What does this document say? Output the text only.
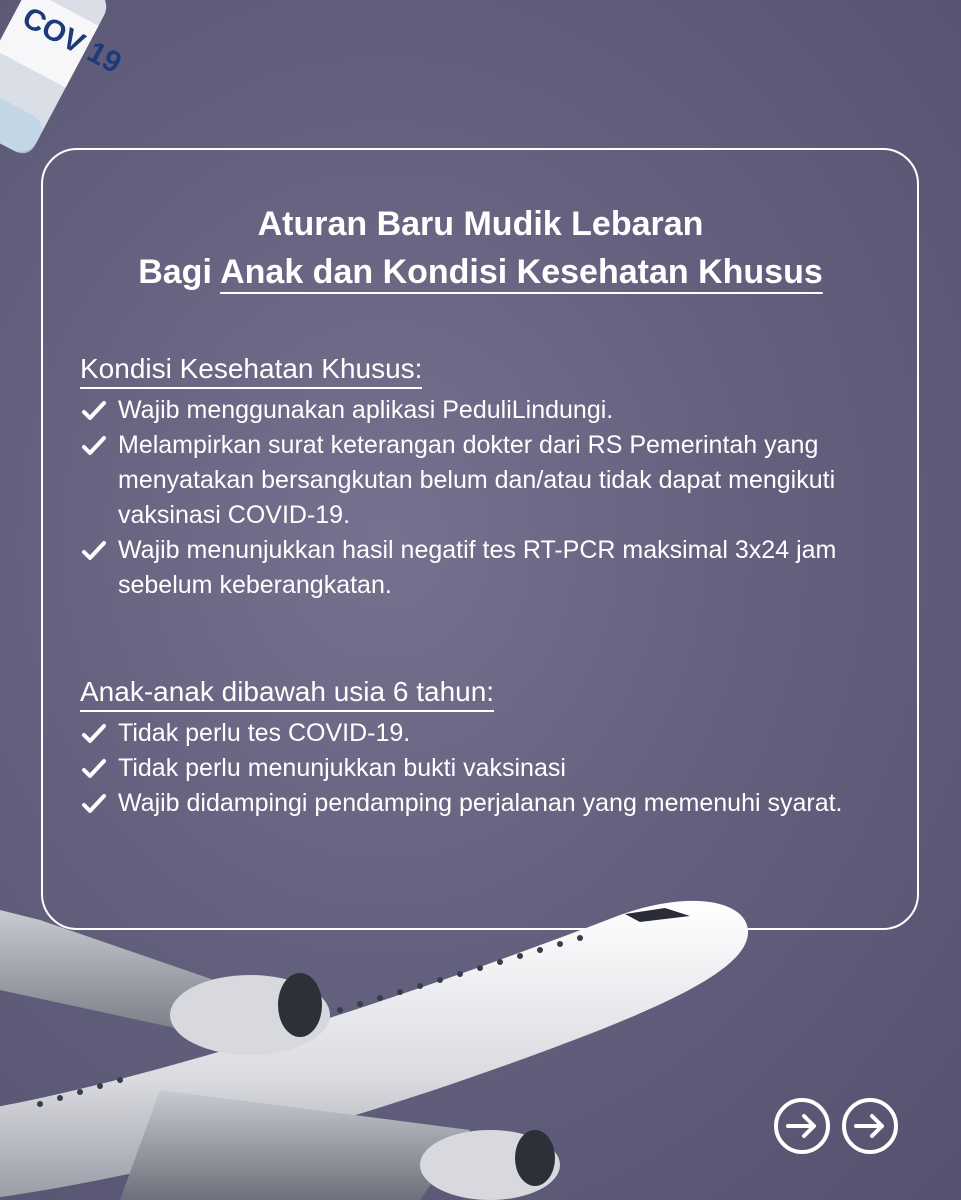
COV 19
Aturan Baru Mudik Lebaran
Bagi Anak dan Kondisi Kesehatan Khusus
Kondisi Kesehatan Khusus:
Wajib menggunakan aplikasi PeduliLindungi.
Melampirkan surat keterangan dokter dari RS Pemerintah yang menyatakan bersangkutan belum dan/atau tidak dapat mengikuti vaksinasi COVID-19.
Wajib menunjukkan hasil negatif tes RT-PCR maksimal 3x24 jam sebelum keberangkatan.
Anak-anak dibawah usia 6 tahun:
Tidak perlu tes COVID-19.
Tidak perlu menunjukkan bukti vaksinasi
Wajib didampingi pendamping perjalanan yang memenuhi syarat.
